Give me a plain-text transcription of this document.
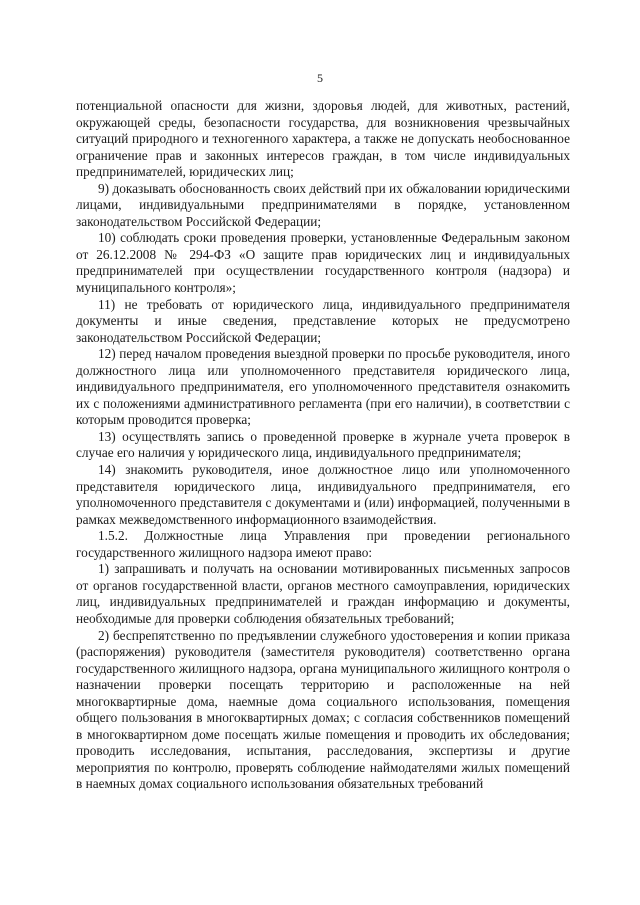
5

потенциальной опасности для жизни, здоровья людей, для животных, растений, окружающей среды, безопасности государства, для возникновения чрезвычайных ситуаций природного и техногенного характера, а также не допускать необоснованное ограничение прав и законных интересов граждан, в том числе индивидуальных предпринимателей, юридических лиц;

9) доказывать обоснованность своих действий при их обжаловании юридическими лицами, индивидуальными предпринимателями в порядке, установленном законодательством Российской Федерации;

10) соблюдать сроки проведения проверки, установленные Федеральным законом от 26.12.2008 № 294-ФЗ «О защите прав юридических лиц и индивидуальных предпринимателей при осуществлении государственного контроля (надзора) и муниципального контроля»;

11) не требовать от юридического лица, индивидуального предпринимателя документы и иные сведения, представление которых не предусмотрено законодательством Российской Федерации;

12) перед началом проведения выездной проверки по просьбе руководителя, иного должностного лица или уполномоченного представителя юридического лица, индивидуального предпринимателя, его уполномоченного представителя ознакомить их с положениями административного регламента (при его наличии), в соответствии с которым проводится проверка;

13) осуществлять запись о проведенной проверке в журнале учета проверок в случае его наличия у юридического лица, индивидуального предпринимателя;

14) знакомить руководителя, иное должностное лицо или уполномоченного представителя юридического лица, индивидуального предпринимателя, его уполномоченного представителя с документами и (или) информацией, полученными в рамках межведомственного информационного взаимодействия.

1.5.2. Должностные лица Управления при проведении регионального государственного жилищного надзора имеют право:

1) запрашивать и получать на основании мотивированных письменных запросов от органов государственной власти, органов местного самоуправления, юридических лиц, индивидуальных предпринимателей и граждан информацию и документы, необходимые для проверки соблюдения обязательных требований;

2) беспрепятственно по предъявлении служебного удостоверения и копии приказа (распоряжения) руководителя (заместителя руководителя) соответственно органа государственного жилищного надзора, органа муниципального жилищного контроля о назначении проверки посещать территорию и расположенные на ней многоквартирные дома, наемные дома социального использования, помещения общего пользования в многоквартирных домах; с согласия собственников помещений в многоквартирном доме посещать жилые помещения и проводить их обследования; проводить исследования, испытания, расследования, экспертизы и другие мероприятия по контролю, проверять соблюдение наймодателями жилых помещений в наемных домах социального использования обязательных требований
